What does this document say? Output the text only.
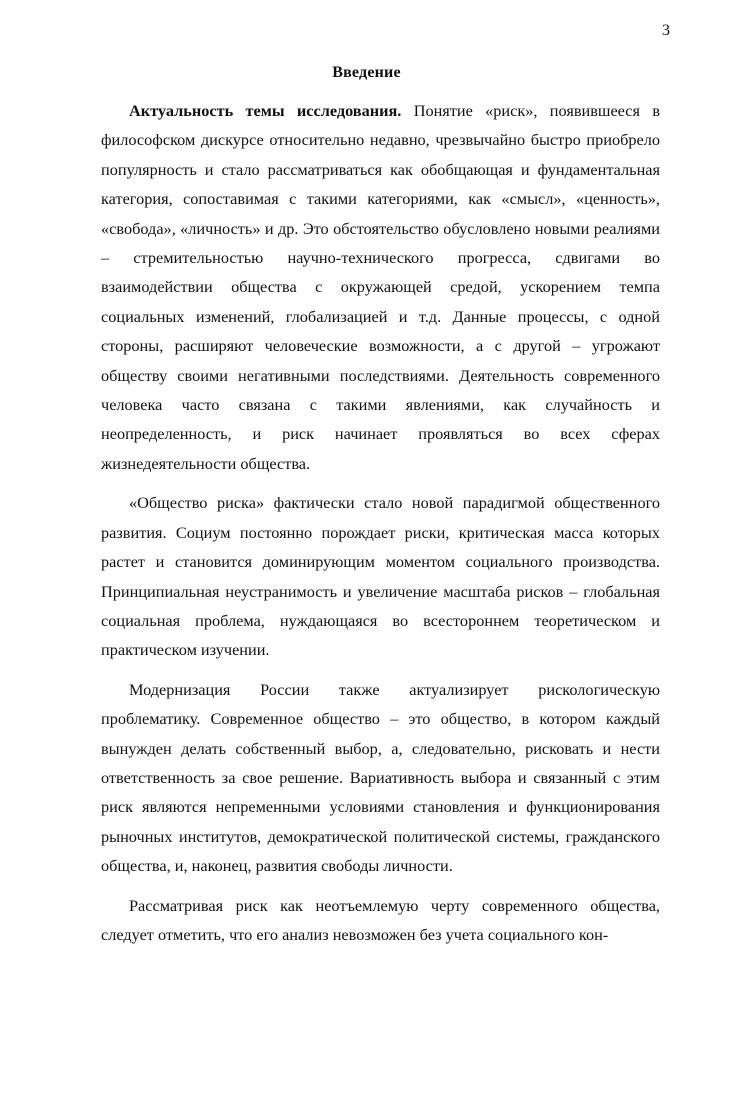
3
Введение

Актуальность темы исследования. Понятие «риск», появившееся в философском дискурсе относительно недавно, чрезвычайно быстро приобрело популярность и стало рассматриваться как обобщающая и фундаментальная категория, сопоставимая с такими категориями, как «смысл», «ценность», «свобода», «личность» и др. Это обстоятельство обусловлено новыми реалиями – стремительностью научно-технического прогресса, сдвигами во взаимодействии общества с окружающей средой, ускорением темпа социальных изменений, глобализацией и т.д. Данные процессы, с одной стороны, расширяют человеческие возможности, а с другой – угрожают обществу своими негативными последствиями. Деятельность современного человека часто связана с такими явлениями, как случайность и неопределенность, и риск начинает проявляться во всех сферах жизнедеятельности общества.

«Общество риска» фактически стало новой парадигмой общественного развития. Социум постоянно порождает риски, критическая масса которых растет и становится доминирующим моментом социального производства. Принципиальная неустранимость и увеличение масштаба рисков – глобальная социальная проблема, нуждающаяся во всестороннем теоретическом и практическом изучении.

Модернизация России также актуализирует рискологическую проблематику. Современное общество – это общество, в котором каждый вынужден делать собственный выбор, а, следовательно, рисковать и нести ответственность за свое решение. Вариативность выбора и связанный с этим риск являются непременными условиями становления и функционирования рыночных институтов, демократической политической системы, гражданского общества, и, наконец, развития свободы личности.

Рассматривая риск как неотъемлемую черту современного общества, следует отметить, что его анализ невозможен без учета социального кон-
